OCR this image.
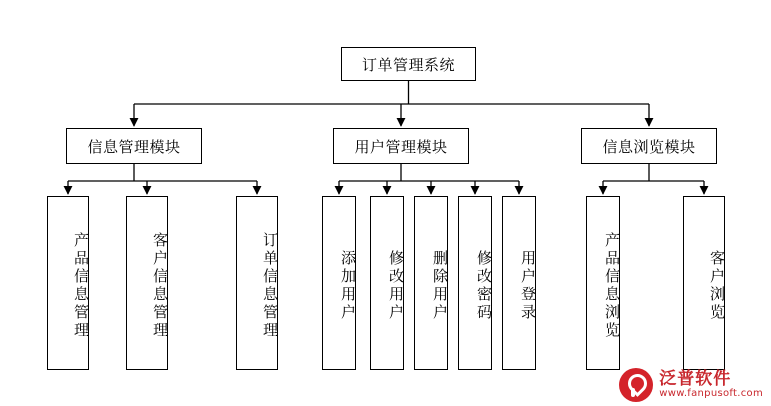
订单管理系统
信息管理模块	用户管理模块	信息浏览模块
产品信息管理	客户信息管理	订单信息管理	添加用户 修改用户 删除用户 修改密码 用户登录	产品信息浏览	客户浏览
泛普软件
www.fanpusoft.com
